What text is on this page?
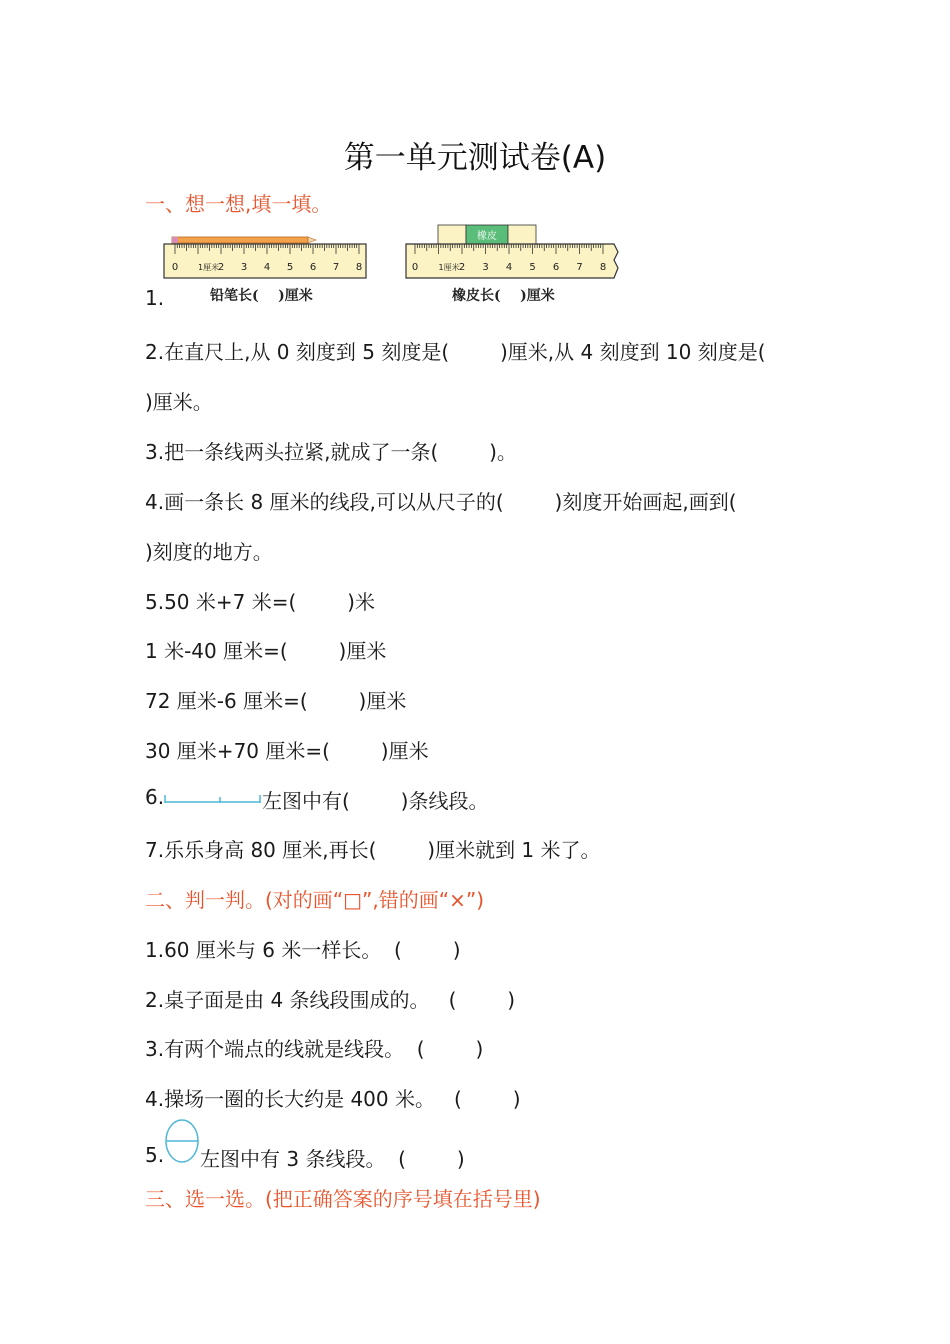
第一单元测试卷(A)
一、想一想,填一填。
0 1厘米
2 3 4 5 6 7 8
铅笔长(    )厘米
橡皮
0	1厘米 2 3 4 5 6 7 8
橡皮长(    )厘米
1.
2.在直尺上,从 0 刻度到 5 刻度是(        )厘米,从 4 刻度到 10 刻度是(
)厘米。
3.把一条线两头拉紧,就成了一条(        )。
4.画一条长 8 厘米的线段,可以从尺子的(        )刻度开始画起,画到(
)刻度的地方。
5.50 米+7 米=(        )米
1 米-40 厘米=(        )厘米
72 厘米-6 厘米=(        )厘米
30 厘米+70 厘米=(        )厘米
6.	左图中有(        )条线段。
7.乐乐身高 80 厘米,再长(        )厘米就到 1 米了。
二、判一判。(对的画“□”,错的画“×”)
1.60 厘米与 6 米一样长。  (        )
2.桌子面是由 4 条线段围成的。   (        )
3.有两个端点的线就是线段。  (        )
4.操场一圈的长大约是 400 米。   (        )
5. 左图中有 3 条线段。  (        )
三、选一选。(把正确答案的序号填在括号里)
